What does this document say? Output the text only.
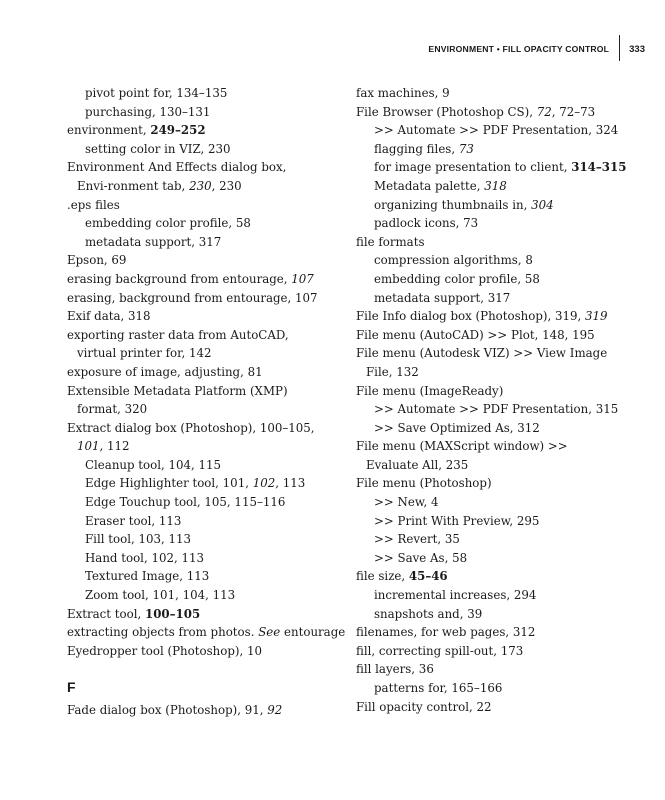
ENVIRONMENT • FILL OPACITY CONTROL	333
pivot point for, 134–135
purchasing, 130–131
environment, 249–252
setting color in VIZ, 230
Environment And Effects dialog box, Envi-ronment tab, 230, 230
.eps files
embedding color profile, 58
metadata support, 317
Epson, 69
erasing background from entourage, 107
erasing, background from entourage, 107
Exif data, 318
exporting raster data from AutoCAD, virtual printer for, 142
exposure of image, adjusting, 81
Extensible Metadata Platform (XMP) format, 320
Extract dialog box (Photoshop), 100–105, 101, 112
Cleanup tool, 104, 115
Edge Highlighter tool, 101, 102, 113
Edge Touchup tool, 105, 115–116
Eraser tool, 113
Fill tool, 103, 113
Hand tool, 102, 113
Textured Image, 113
Zoom tool, 101, 104, 113
Extract tool, 100–105
extracting objects from photos. See entourage
Eyedropper tool (Photoshop), 10
F
Fade dialog box (Photoshop), 91, 92
fax machines, 9
File Browser (Photoshop CS), 72, 72–73
>> Automate >> PDF Presentation, 324
flagging files, 73
for image presentation to client, 314–315
Metadata palette, 318
organizing thumbnails in, 304
padlock icons, 73
file formats
compression algorithms, 8
embedding color profile, 58
metadata support, 317
File Info dialog box (Photoshop), 319, 319
File menu (AutoCAD) >> Plot, 148, 195
File menu (Autodesk VIZ) >> View Image File, 132
File menu (ImageReady)
>> Automate >> PDF Presentation, 315
>> Save Optimized As, 312
File menu (MAXScript window) >> Evaluate All, 235
File menu (Photoshop)
>> New, 4
>> Print With Preview, 295
>> Revert, 35
>> Save As, 58
file size, 45–46
incremental increases, 294
snapshots and, 39
filenames, for web pages, 312
fill, correcting spill-out, 173
fill layers, 36
patterns for, 165–166
Fill opacity control, 22
